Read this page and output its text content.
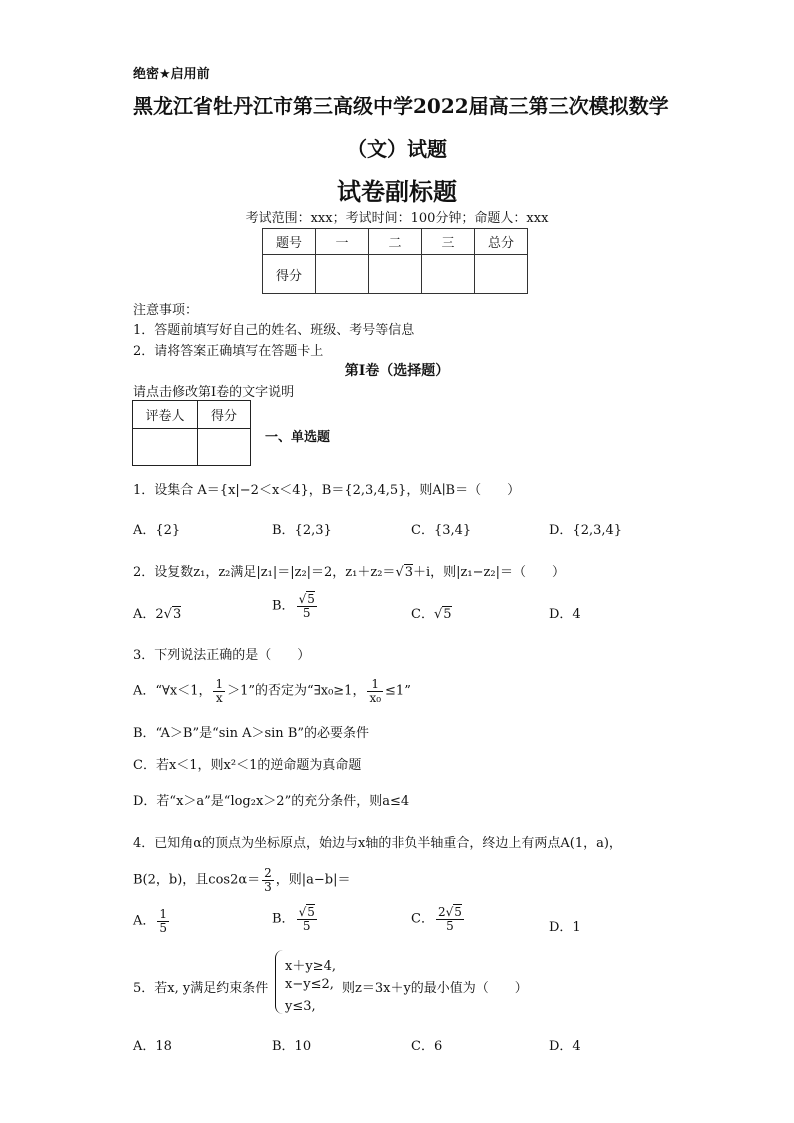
绝密★启用前
黑龙江省牡丹江市第三高级中学2022届高三第三次模拟数学
（文）试题
试卷副标题
考试范围：xxx；考试时间：100分钟；命题人：xxx
题号	一	二	三	总分
得分				
注意事项：
1．答题前填写好自己的姓名、班级、考号等信息
2．请将答案正确填写在答题卡上
第I卷（选择题）
请点击修改第I卷的文字说明
评卷人	得分

一、单选题
1．设集合 A＝{x|−2＜x＜4}，B＝{2,3,4,5}，则A∣B＝（　　）
A．{2}	B．{2,3}	C．{3,4}	D．{2,3,4}
2．设复数z₁，z₂满足|z₁|＝|z₂|＝2，z₁＋z₂＝√3＋i，则|z₁−z₂|＝（　　）
A．2√3
B． $\frac{√5}{5}$	C．√5	D．4
3．下列说法正确的是（　　）
A．“∀x＜1， $\frac{1}{x} >1$”的否定为“∃x₀≥1， $\frac{1}{\text{x₀}} \le 1$”
B．“A＞B”是“sin A＞sin B”的必要条件
C．若x＜1，则x²＜1的逆命题为真命题
D．若“x＞a”是“log₂x＞2”的充分条件，则a≤4
4．已知角α的顶点为坐标原点，始边与x轴的非负半轴重合，终边上有两点A(1，a)，
B(2，b)，且$\cos 2\alpha= \frac{2}{3}$ ，则|a−b|＝
A． $\frac{1}{5}$	B． $\frac{√5}{5}$	C． $\frac{2√5}{5}$	D．1
5．若x, y满足约束条件
x＋y≥4,
x−y≤2,
y≤3,
则z＝3x＋y的最小值为（　　）
A．18	B．10	C．6	D．4
